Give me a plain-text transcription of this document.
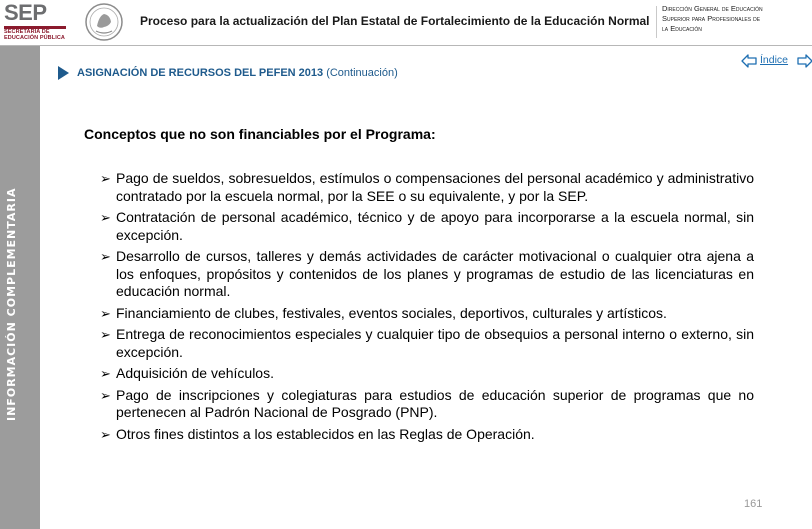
SEP
SECRETARÍA DE
EDUCACIÓN PÚBLICA
Proceso para la actualización del Plan Estatal de Fortalecimiento de la Educación Normal
Dirección General de Educación
Superior para Profesionales de
la Educación
INFORMACIÓN COMPLEMENTARIA
ASIGNACIÓN DE RECURSOS DEL PEFEN 2013 (Continuación)
Índice
Conceptos que no son financiables por el Programa:
➢ Pago de sueldos, sobresueldos, estímulos o compensaciones del personal académico y administrativo contratado por la escuela normal, por la SEE o su equivalente, y por la SEP.
➢ Contratación de personal académico, técnico y de apoyo para incorporarse a la escuela normal, sin excepción.
➢ Desarrollo de cursos, talleres y demás actividades de carácter motivacional o cualquier otra ajena a los enfoques, propósitos y contenidos de los planes y programas de estudio de las licenciaturas en educación normal.
➢ Financiamiento de clubes, festivales, eventos sociales, deportivos, culturales y artísticos.
➢ Entrega de reconocimientos especiales y cualquier tipo de obsequios a personal interno o externo, sin excepción.
➢ Adquisición de vehículos.
➢ Pago de inscripciones y colegiaturas para estudios de educación superior de programas que no pertenecen al Padrón Nacional de Posgrado (PNP).
➢ Otros fines distintos a los establecidos en las Reglas de Operación.
161
